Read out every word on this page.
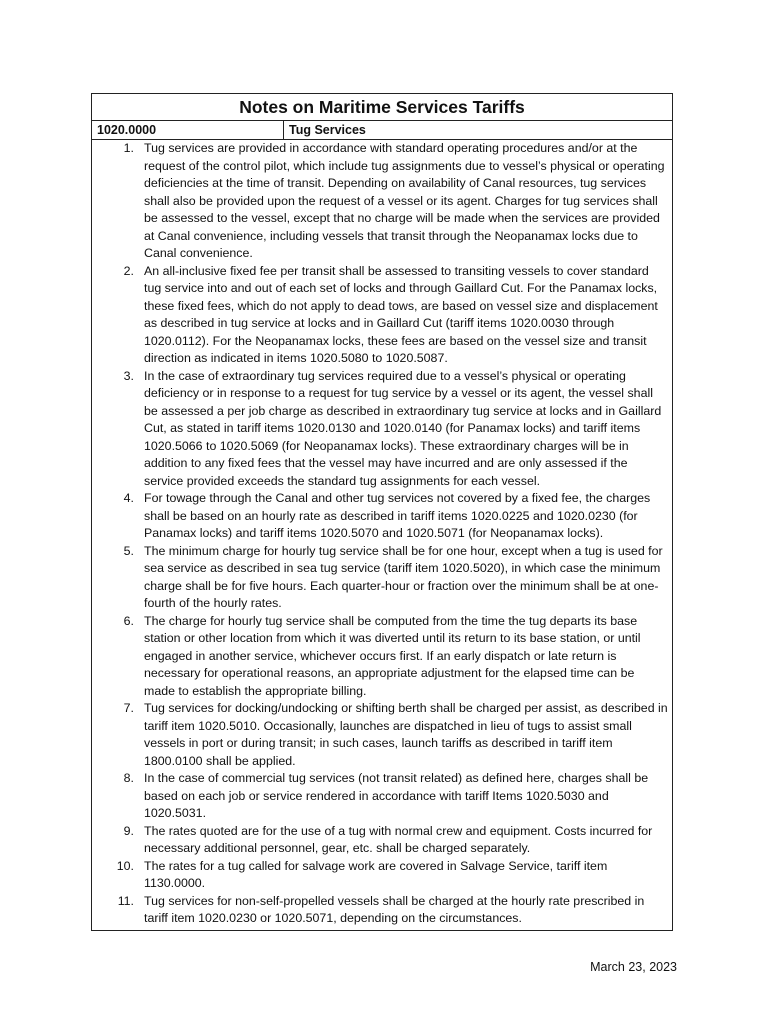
Notes on Maritime Services Tariffs
1020.0000	Tug Services
1. Tug services are provided in accordance with standard operating procedures and/or at the request of the control pilot, which include tug assignments due to vessel’s physical or operating deficiencies at the time of transit. Depending on availability of Canal resources, tug services shall also be provided upon the request of a vessel or its agent. Charges for tug services shall be assessed to the vessel, except that no charge will be made when the services are provided at Canal convenience, including vessels that transit through the Neopanamax locks due to Canal convenience.
2. An all-inclusive fixed fee per transit shall be assessed to transiting vessels to cover standard tug service into and out of each set of locks and through Gaillard Cut. For the Panamax locks, these fixed fees, which do not apply to dead tows, are based on vessel size and displacement as described in tug service at locks and in Gaillard Cut (tariff items 1020.0030 through 1020.0112). For the Neopanamax locks, these fees are based on the vessel size and transit direction as indicated in items 1020.5080 to 1020.5087.
3. In the case of extraordinary tug services required due to a vessel’s physical or operating deficiency or in response to a request for tug service by a vessel or its agent, the vessel shall be assessed a per job charge as described in extraordinary tug service at locks and in Gaillard Cut, as stated in tariff items 1020.0130 and 1020.0140 (for Panamax locks) and tariff items 1020.5066 to 1020.5069 (for Neopanamax locks). These extraordinary charges will be in addition to any fixed fees that the vessel may have incurred and are only assessed if the service provided exceeds the standard tug assignments for each vessel.
4. For towage through the Canal and other tug services not covered by a fixed fee, the charges shall be based on an hourly rate as described in tariff items 1020.0225 and 1020.0230 (for Panamax locks) and tariff items 1020.5070 and 1020.5071 (for Neopanamax locks).
5. The minimum charge for hourly tug service shall be for one hour, except when a tug is used for sea service as described in sea tug service (tariff item 1020.5020), in which case the minimum charge shall be for five hours. Each quarter-hour or fraction over the minimum shall be at one-fourth of the hourly rates.
6. The charge for hourly tug service shall be computed from the time the tug departs its base station or other location from which it was diverted until its return to its base station, or until engaged in another service, whichever occurs first. If an early dispatch or late return is necessary for operational reasons, an appropriate adjustment for the elapsed time can be made to establish the appropriate billing.
7. Tug services for docking/undocking or shifting berth shall be charged per assist, as described in tariff item 1020.5010. Occasionally, launches are dispatched in lieu of tugs to assist small vessels in port or during transit; in such cases, launch tariffs as described in tariff item 1800.0100 shall be applied.
8. In the case of commercial tug services (not transit related) as defined here, charges shall be based on each job or service rendered in accordance with tariff Items 1020.5030 and 1020.5031.
9. The rates quoted are for the use of a tug with normal crew and equipment. Costs incurred for necessary additional personnel, gear, etc. shall be charged separately.
10. The rates for a tug called for salvage work are covered in Salvage Service, tariff item 1130.0000.
11. Tug services for non-self-propelled vessels shall be charged at the hourly rate prescribed in tariff item 1020.0230 or 1020.5071, depending on the circumstances.
March 23, 2023
